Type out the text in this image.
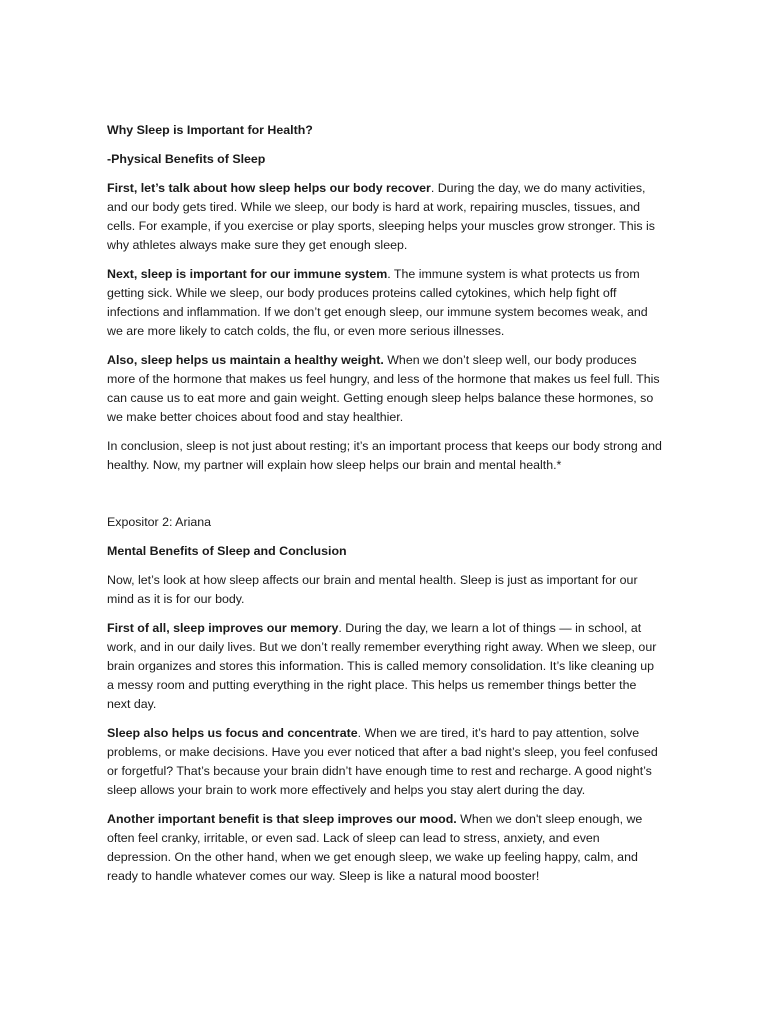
Why Sleep is Important for Health?

-Physical Benefits of Sleep

First, let’s talk about how sleep helps our body recover. During the day, we do many activities, and our body gets tired. While we sleep, our body is hard at work, repairing muscles, tissues, and cells. For example, if you exercise or play sports, sleeping helps your muscles grow stronger. This is why athletes always make sure they get enough sleep.

Next, sleep is important for our immune system. The immune system is what protects us from getting sick. While we sleep, our body produces proteins called cytokines, which help fight off infections and inflammation. If we don’t get enough sleep, our immune system becomes weak, and we are more likely to catch colds, the flu, or even more serious illnesses.

Also, sleep helps us maintain a healthy weight. When we don’t sleep well, our body produces more of the hormone that makes us feel hungry, and less of the hormone that makes us feel full. This can cause us to eat more and gain weight. Getting enough sleep helps balance these hormones, so we make better choices about food and stay healthier.

In conclusion, sleep is not just about resting; it’s an important process that keeps our body strong and healthy. Now, my partner will explain how sleep helps our brain and mental health.*

Expositor 2: Ariana

Mental Benefits of Sleep and Conclusion

Now, let’s look at how sleep affects our brain and mental health. Sleep is just as important for our mind as it is for our body.

First of all, sleep improves our memory. During the day, we learn a lot of things — in school, at work, and in our daily lives. But we don’t really remember everything right away. When we sleep, our brain organizes and stores this information. This is called memory consolidation. It’s like cleaning up a messy room and putting everything in the right place. This helps us remember things better the next day.

Sleep also helps us focus and concentrate. When we are tired, it’s hard to pay attention, solve problems, or make decisions. Have you ever noticed that after a bad night’s sleep, you feel confused or forgetful? That’s because your brain didn’t have enough time to rest and recharge. A good night’s sleep allows your brain to work more effectively and helps you stay alert during the day.

Another important benefit is that sleep improves our mood. When we don't sleep enough, we often feel cranky, irritable, or even sad. Lack of sleep can lead to stress, anxiety, and even depression. On the other hand, when we get enough sleep, we wake up feeling happy, calm, and ready to handle whatever comes our way. Sleep is like a natural mood booster!
